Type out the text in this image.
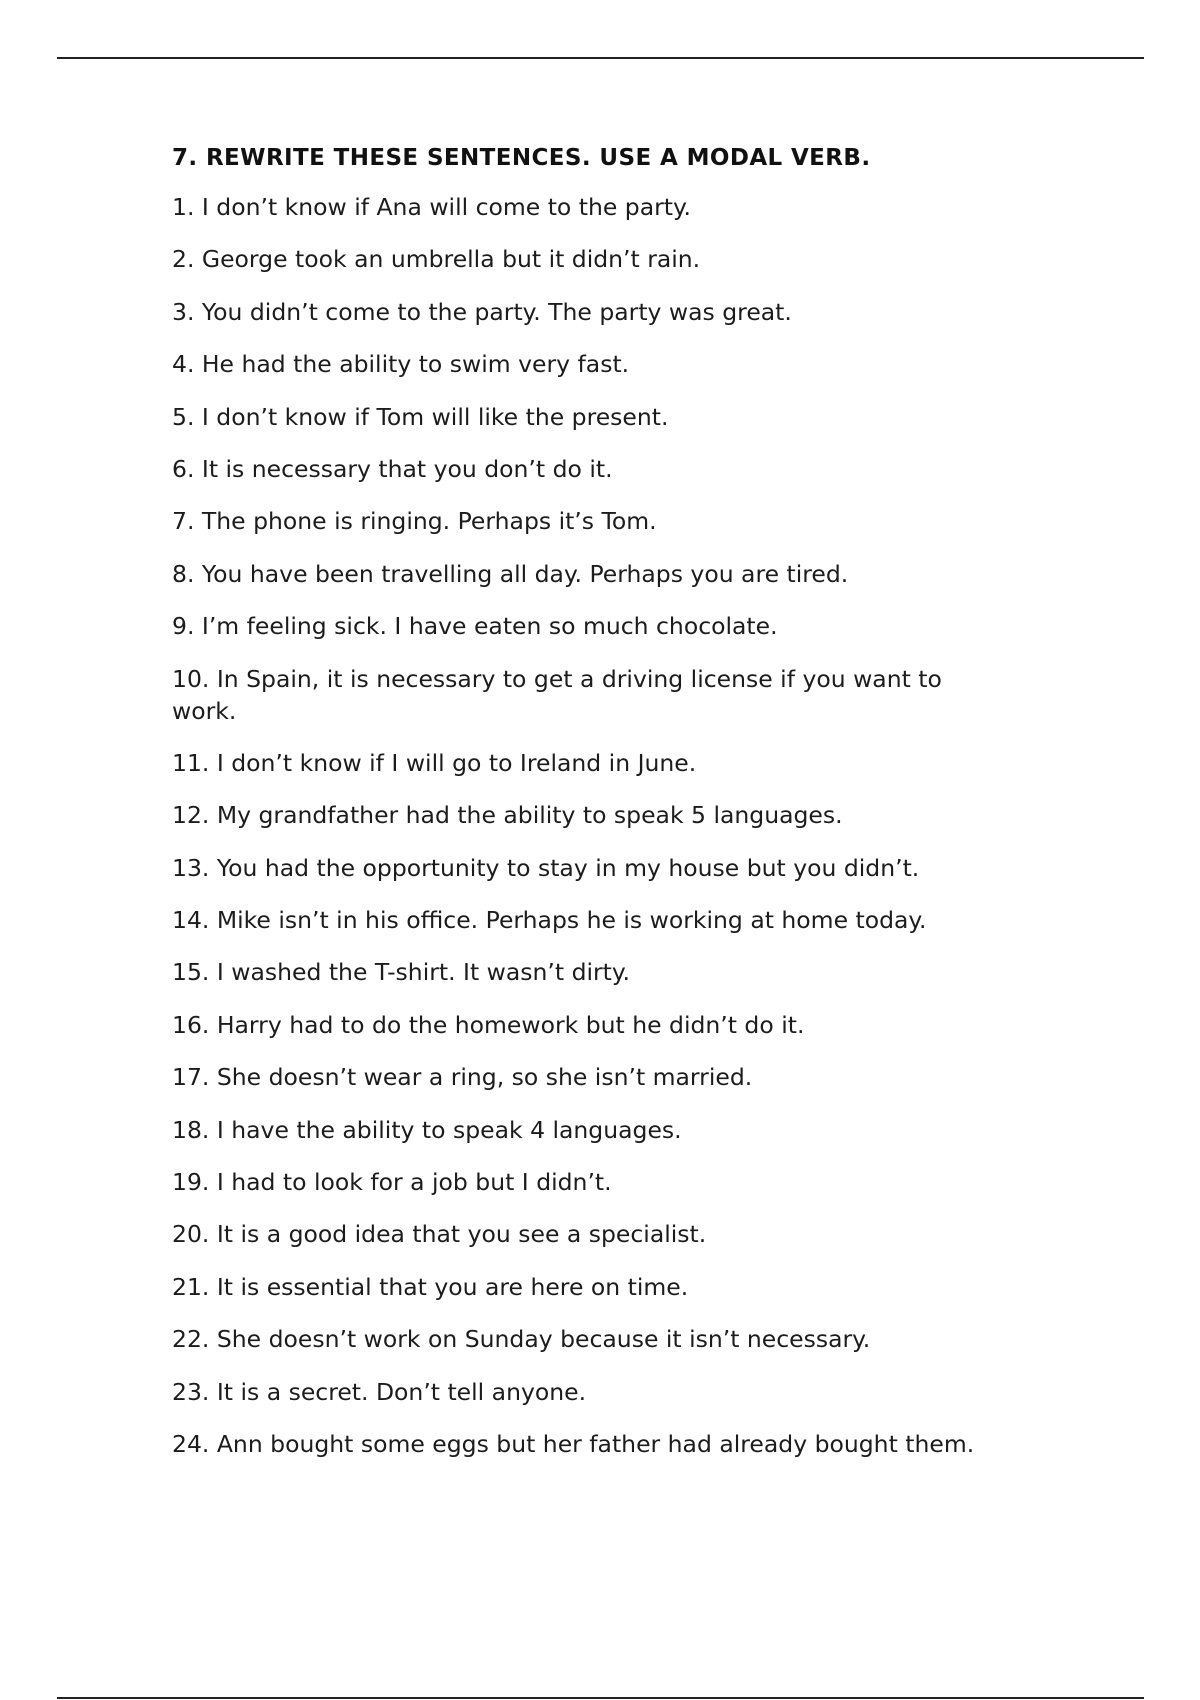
7. REWRITE THESE SENTENCES. USE A MODAL VERB.
1. I don’t know if Ana will come to the party.
2. George took an umbrella but it didn’t rain.
3. You didn’t come to the party. The party was great.
4. He had the ability to swim very fast.
5. I don’t know if Tom will like the present.
6. It is necessary that you don’t do it.
7. The phone is ringing. Perhaps it’s Tom.
8. You have been travelling all day. Perhaps you are tired.
9. I’m feeling sick. I have eaten so much chocolate.
10. In Spain, it is necessary to get a driving license if you want to work.
11. I don’t know if I will go to Ireland in June.
12. My grandfather had the ability to speak 5 languages.
13. You had the opportunity to stay in my house but you didn’t.
14. Mike isn’t in his office. Perhaps he is working at home today.
15. I washed the T-shirt. It wasn’t dirty.
16. Harry had to do the homework but he didn’t do it.
17. She doesn’t wear a ring, so she isn’t married.
18. I have the ability to speak 4 languages.
19. I had to look for a job but I didn’t.
20. It is a good idea that you see a specialist.
21. It is essential that you are here on time.
22. She doesn’t work on Sunday because it isn’t necessary.
23. It is a secret. Don’t tell anyone.
24. Ann bought some eggs but her father had already bought them.
